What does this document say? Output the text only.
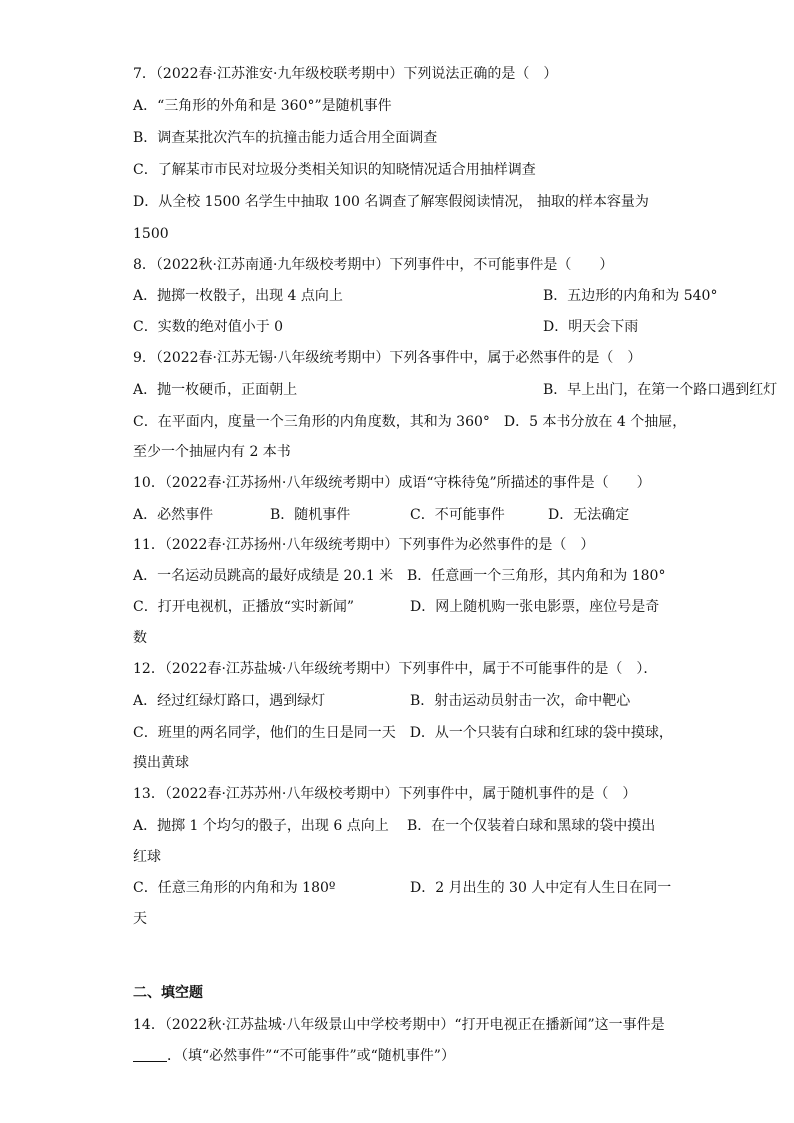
7．（2022春·江苏淮安·九年级校联考期中）下列说法正确的是（　）
A．“三角形的外角和是 360°”是随机事件
B．调查某批次汽车的抗撞击能力适合用全面调查
C．了解某市市民对垃圾分类相关知识的知晓情况适合用抽样调查
D．从全校 1500 名学生中抽取 100 名调查了解寒假阅读情况， 抽取的样本容量为
1500
8．（2022秋·江苏南通·九年级校考期中）下列事件中，不可能事件是（　　）
A．抛掷一枚骰子，出现 4 点向上	B．五边形的内角和为 540°
C．实数的绝对值小于 0	D．明天会下雨
9．（2022春·江苏无锡·八年级统考期中）下列各事件中，属于必然事件的是（　）
A．抛一枚硬币，正面朝上	B．早上出门，在第一个路口遇到红灯
C．在平面内，度量一个三角形的内角度数，其和为 360°　D．5 本书分放在 4 个抽屉，
至少一个抽屉内有 2 本书
10．（2022春·江苏扬州·八年级统考期中）成语“守株待兔”所描述的事件是（　　）
A．必然事件	B．随机事件	C．不可能事件	D．无法确定
11．（2022春·江苏扬州·八年级统考期中）下列事件为必然事件的是（　）
A．一名运动员跳高的最好成绩是 20.1 米 B．任意画一个三角形，其内角和为 180°
C．打开电视机，正播放“实时新闻”	D．网上随机购一张电影票，座位号是奇
数
12．（2022春·江苏盐城·八年级统考期中）下列事件中，属于不可能事件的是（　）．
A．经过红绿灯路口，遇到绿灯	B．射击运动员射击一次，命中靶心
C．班里的两名同学，他们的生日是同一天　D．从一个只装有白球和红球的袋中摸球，
摸出黄球
13．（2022春·江苏苏州·八年级校考期中）下列事件中，属于随机事件的是（　）
A．抛掷 1 个均匀的骰子，出现 6 点向上 B．在一个仅装着白球和黑球的袋中摸出
红球
C．任意三角形的内角和为 180º	D．2 月出生的 30 人中定有人生日在同一
天
二、填空题
14．（2022秋·江苏盐城·八年级景山中学校考期中）“打开电视正在播新闻”这一事件是
．（填“必然事件”“不可能事件”或“随机事件”）
